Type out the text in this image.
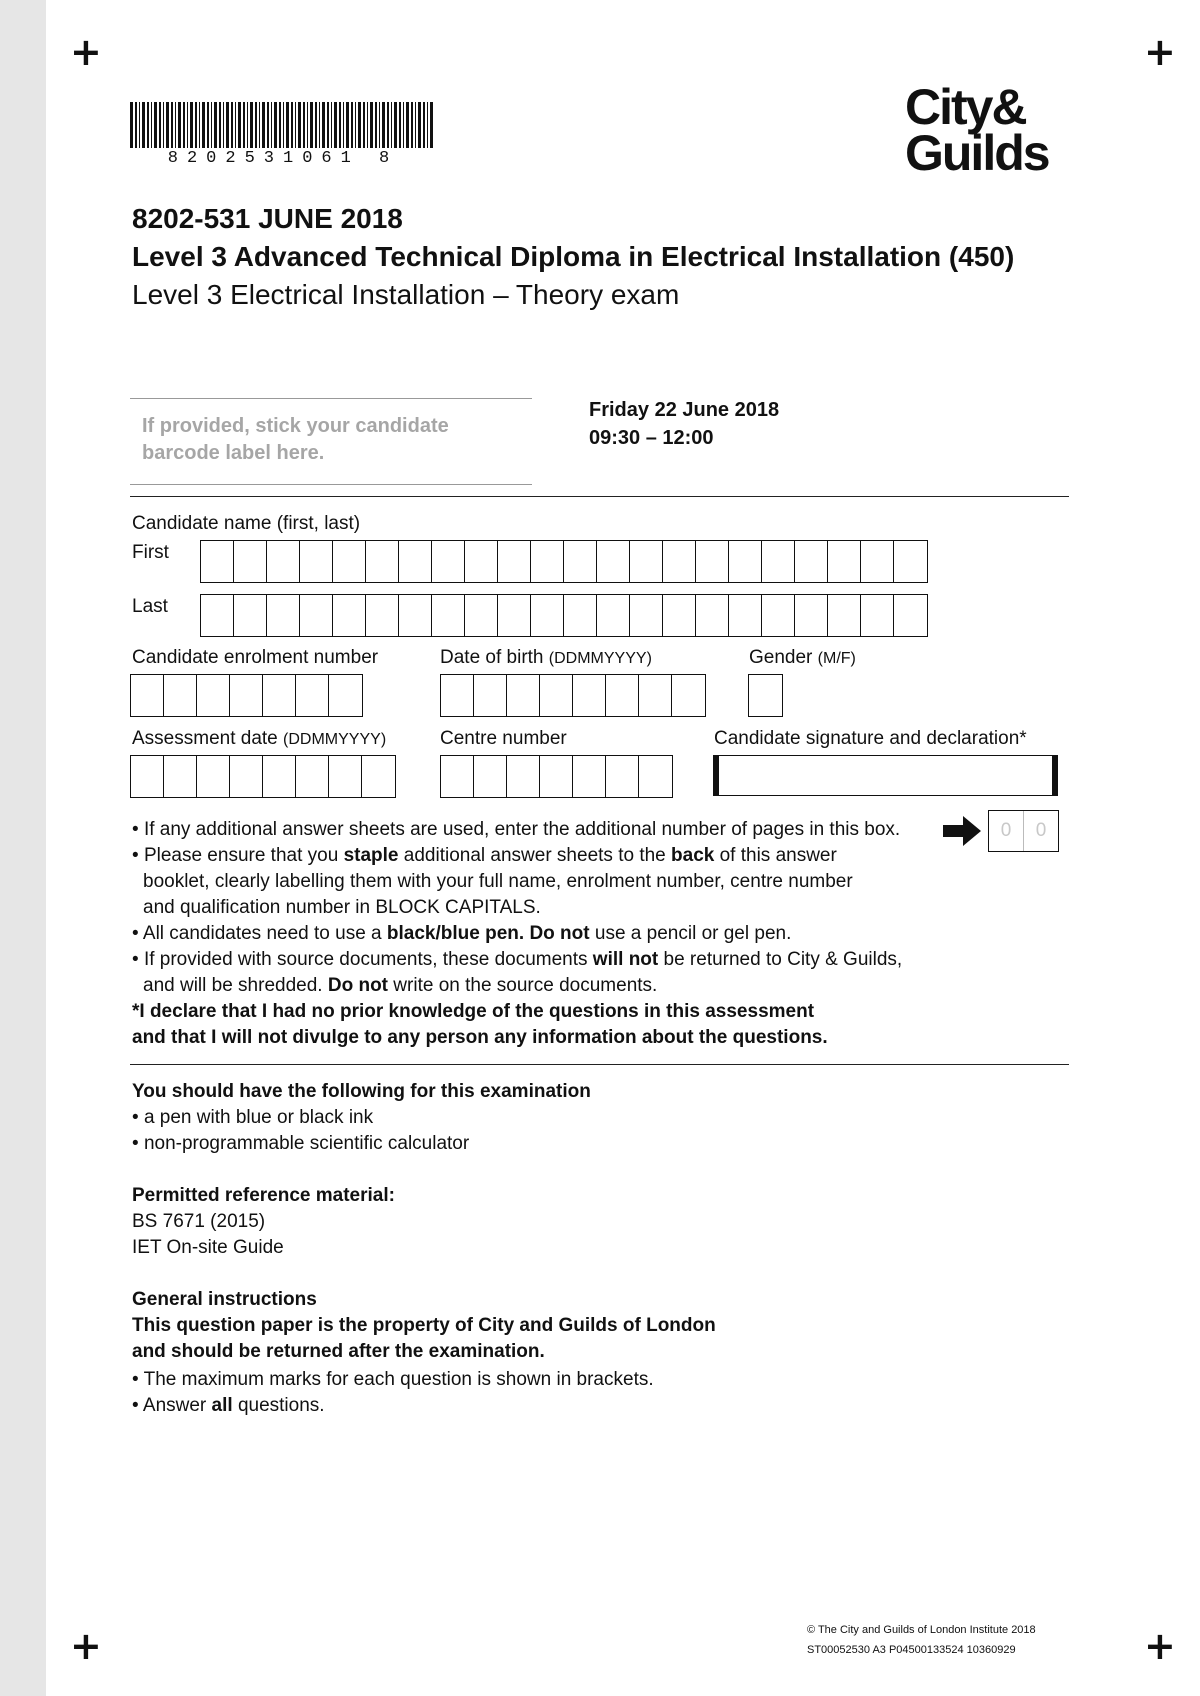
+	+
+	+
8202531061 8
City&
Guilds
8202-531 JUNE 2018
Level 3 Advanced Technical Diploma in Electrical Installation (450)
Level 3 Electrical Installation – Theory exam
If provided, stick your candidate barcode label here.
Friday 22 June 2018
09:30 – 12:00
Candidate name (first, last)
First
Last
Candidate enrolment number	Date of birth (DDMMYYYY)	Gender (M/F)
Assessment date (DDMMYYYY)	Centre number	Candidate signature and declaration*
• If any additional answer sheets are used, enter the additional number of pages in this box.	0	0
• Please ensure that you staple additional answer sheets to the back of this answer
booklet, clearly labelling them with your full name, enrolment number, centre number
and qualification number in BLOCK CAPITALS.
• All candidates need to use a black/blue pen. Do not use a pencil or gel pen.
• If provided with source documents, these documents will not be returned to City & Guilds,
and will be shredded. Do not write on the source documents.
*I declare that I had no prior knowledge of the questions in this assessment
and that I will not divulge to any person any information about the questions.
You should have the following for this examination
• a pen with blue or black ink
• non-programmable scientific calculator
Permitted reference material:
BS 7671 (2015)
IET On-site Guide
General instructions
This question paper is the property of City and Guilds of London
and should be returned after the examination.
• The maximum marks for each question is shown in brackets.
• Answer all questions.
© The City and Guilds of London Institute 2018
ST00052530 A3 P04500133524 10360929
